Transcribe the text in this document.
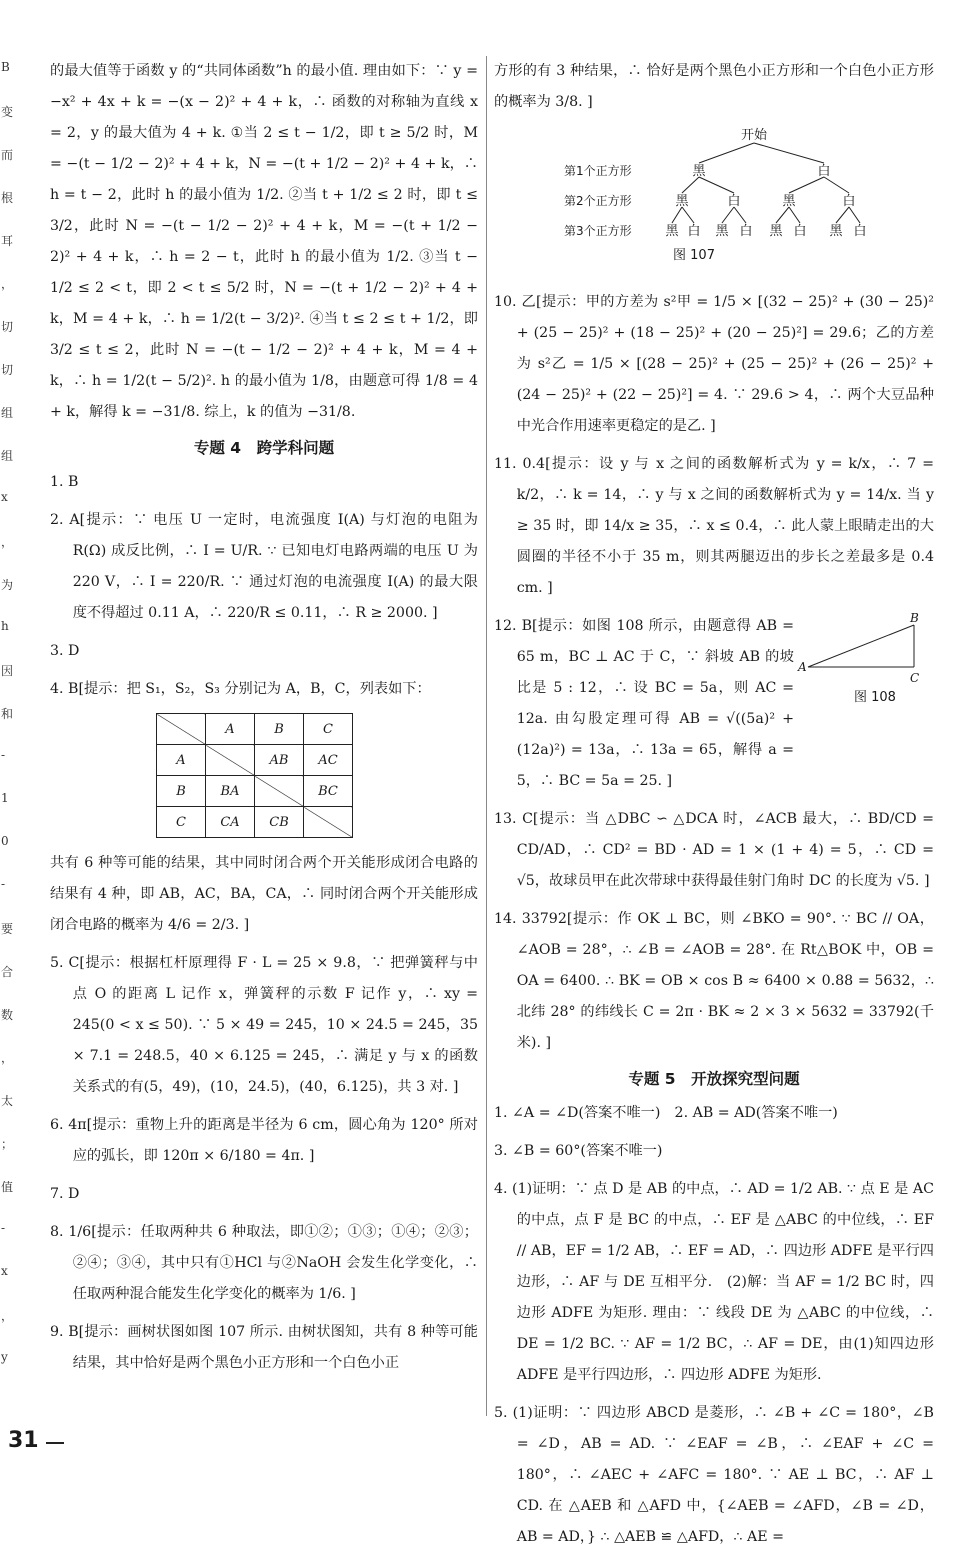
B
变
而
根
耳
，
切
切
组
组
x
，
为
h
因
和
-
1
0
-
要
合
数
，
太
；
值
-
x
，
y

的最大值等于函数 y 的“共同体函数”h 的最小值. 理由如下：∵ y = −x² + 4x + k = −(x − 2)² + 4 + k，∴ 函数的对称轴为直线 x = 2，y 的最大值为 4 + k. ①当 2 ≤ t − 1/2，即 t ≥ 5/2 时，M = −(t − 1/2 − 2)² + 4 + k，N = −(t + 1/2 − 2)² + 4 + k，∴ h = t − 2，此时 h 的最小值为 1/2. ②当 t + 1/2 ≤ 2 时，即 t ≤ 3/2，此时 N = −(t − 1/2 − 2)² + 4 + k，M = −(t + 1/2 − 2)² + 4 + k，∴ h = 2 − t，此时 h 的最小值为 1/2. ③当 t − 1/2 ≤ 2 < t，即 2 < t ≤ 5/2 时，N = −(t + 1/2 − 2)² + 4 + k，M = 4 + k，∴ h = 1/2(t − 3/2)². ④当 t ≤ 2 ≤ t + 1/2，即 3/2 ≤ t ≤ 2，此时 N = −(t − 1/2 − 2)² + 4 + k，M = 4 + k，∴ h = 1/2(t − 5/2)². h 的最小值为 1/8，由题意可得 1/8 = 4 + k，解得 k = −31/8. 综上，k 的值为 −31/8.

专题 4　跨学科问题

1. B

2. A[提示：∵ 电压 U 一定时，电流强度 I(A) 与灯泡的电阻为 R(Ω) 成反比例，∴ I = U/R. ∵ 已知电灯电路两端的电压 U 为 220 V，∴ I = 220/R. ∵ 通过灯泡的电流强度 I(A) 的最大限度不得超过 0.11 A，∴ 220/R ≤ 0.11，∴ R ≥ 2000. ]

3. D

4. B[提示：把 S₁，S₂，S₃ 分别记为 A，B，C，列表如下：

	A	B	C
A		AB	AC
B	BA		BC
C	CA	CB	

共有 6 种等可能的结果，其中同时闭合两个开关能形成闭合电路的结果有 4 种，即 AB，AC，BA，CA，∴ 同时闭合两个开关能形成闭合电路的概率为 4/6 = 2/3. ]

5. C[提示：根据杠杆原理得 F · L = 25 × 9.8，∵ 把弹簧秤与中点 O 的距离 L 记作 x，弹簧秤的示数 F 记作 y，∴ xy = 245(0 < x ≤ 50). ∵ 5 × 49 = 245，10 × 24.5 = 245，35 × 7.1 = 248.5，40 × 6.125 = 245，∴ 满足 y 与 x 的函数关系式的有(5，49)，(10，24.5)，(40，6.125)，共 3 对. ]

6. 4π[提示：重物上升的距离是半径为 6 cm，圆心角为 120° 所对应的弧长，即 120π × 6/180 = 4π. ]

7. D

8. 1/6[提示：任取两种共 6 种取法，即①②；①③；①④；②③；②④；③④，其中只有①HCl 与②NaOH 会发生化学变化，∴ 任取两种混合能发生化学变化的概率为 1/6. ]

9. B[提示：画树状图如图 107 所示. 由树状图知，共有 8 种等可能结果，其中恰好是两个黑色小正方形和一个白色小正

方形的有 3 种结果，∴ 恰好是两个黑色小正方形和一个白色小正方形的概率为 3/8. ]

开始
黑	白
黑	白	黑	白
黑 白 黑 白 黑 白 黑 白
图 107
第1个正方形
第2个正方形
第3个正方形

10. 乙[提示：甲的方差为 s²甲 = 1/5 × [(32 − 25)² + (30 − 25)² + (25 − 25)² + (18 − 25)² + (20 − 25)²] = 29.6；乙的方差为 s²乙 = 1/5 × [(28 − 25)² + (25 − 25)² + (26 − 25)² + (24 − 25)² + (22 − 25)²] = 4. ∵ 29.6 > 4，∴ 两个大豆品种中光合作用速率更稳定的是乙. ]

11. 0.4[提示：设 y 与 x 之间的函数解析式为 y = k/x，∴ 7 = k/2，∴ k = 14，∴ y 与 x 之间的函数解析式为 y = 14/x. 当 y ≥ 35 时，即 14/x ≥ 35，∴ x ≤ 0.4，∴ 此人蒙上眼睛走出的大圆圈的半径不小于 35 m，则其两腿迈出的步长之差最多是 0.4 cm. ]

12. B[提示：如图 108 所示，由题意得 AB = 65 m，BC ⊥ AC 于 C，∵ 斜坡 AB 的坡比是 5 : 12，∴ 设 BC = 5a，则 AC = 12a. 由勾股定理可得 AB = √((5a)² + (12a)²) = 13a，∴ 13a = 65，解得 a = 5，∴ BC = 5a = 25. ]

A
B
C
图 108

13. C[提示：当 △DBC ∽ △DCA 时，∠ACB 最大，∴ BD/CD = CD/AD，∴ CD² = BD · AD = 1 × (1 + 4) = 5，∴ CD = √5，故球员甲在此次带球中获得最佳射门角时 DC 的长度为 √5. ]

14. 33792[提示：作 OK ⊥ BC，则 ∠BKO = 90°. ∵ BC // OA，∠AOB = 28°，∴ ∠B = ∠AOB = 28°. 在 Rt△BOK 中，OB = OA = 6400. ∴ BK = OB × cos B ≈ 6400 × 0.88 = 5632，∴ 北纬 28° 的纬线长 C = 2π · BK ≈ 2 × 3 × 5632 = 33792(千米). ]

专题 5　开放探究型问题

1. ∠A = ∠D(答案不唯一)　2. AB = AD(答案不唯一)

3. ∠B = 60°(答案不唯一)

4. (1)证明：∵ 点 D 是 AB 的中点，∴ AD = 1/2 AB. ∵ 点 E 是 AC 的中点，点 F 是 BC 的中点，∴ EF 是 △ABC 的中位线，∴ EF // AB，EF = 1/2 AB，∴ EF = AD，∴ 四边形 ADFE 是平行四边形，∴ AF 与 DE 互相平分.　(2)解：当 AF = 1/2 BC 时，四边形 ADFE 为矩形. 理由：∵ 线段 DE 为 △ABC 的中位线，∴ DE = 1/2 BC. ∵ AF = 1/2 BC，∴ AF = DE，由(1)知四边形 ADFE 是平行四边形，∴ 四边形 ADFE 为矩形.

5. (1)证明：∵ 四边形 ABCD 是菱形，∴ ∠B + ∠C = 180°，∠B = ∠D，AB = AD. ∵ ∠EAF = ∠B，∴ ∠EAF + ∠C = 180°，∴ ∠AEC + ∠AFC = 180°. ∵ AE ⊥ BC，∴ AF ⊥ CD. 在 △AEB 和 △AFD 中，{∠AEB = ∠AFD，∠B = ∠D，AB = AD，} ∴ △AEB ≌ △AFD，∴ AE =

31
